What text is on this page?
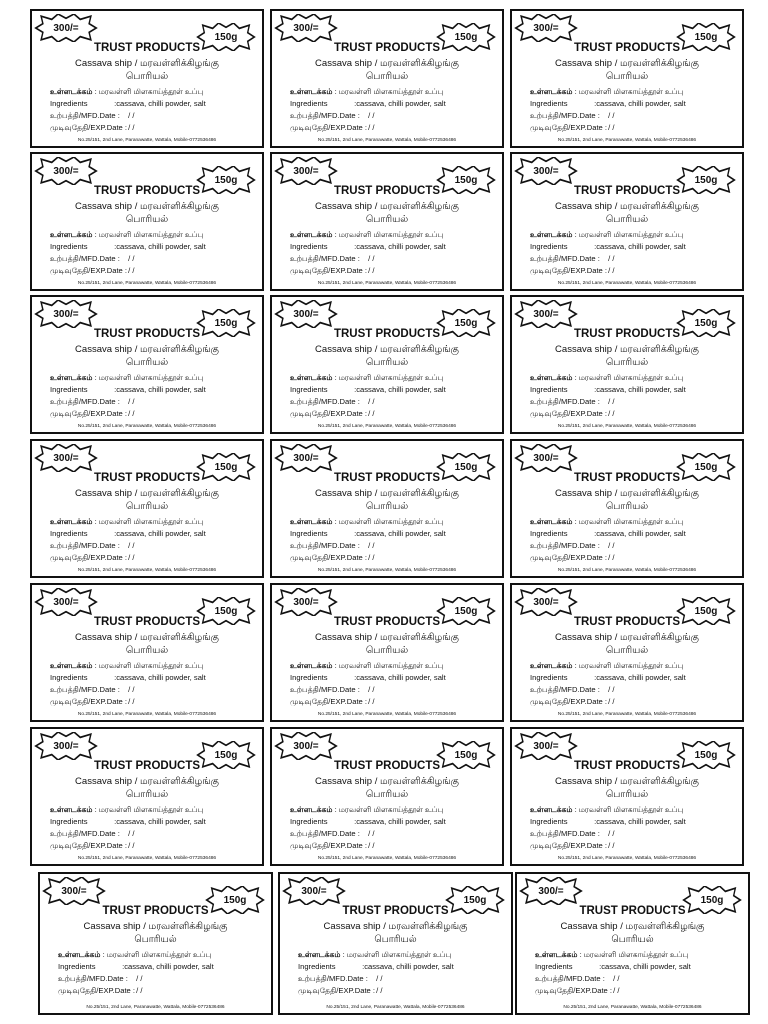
300/=
150g
TRUST PRODUCTS
Cassava ship / மரவள்ளிக்கிழங்கு
பொரியல்
உள்ளடக்கம் : மரவள்ளி மிளகாய்த்தூள் உப்பு
Ingredients	:cassava, chilli powder, salt
உற்பத்தி/MFD.Date : / /
முடிவுதேதி/EXP.Date : / /
No.25/151, 2nd Lane, Paranawatte, Wattala, Mobile-0772536486
300/=
150g
TRUST PRODUCTS
Cassava ship / மரவள்ளிக்கிழங்கு
பொரியல்
உள்ளடக்கம் : மரவள்ளி மிளகாய்த்தூள் உப்பு
Ingredients	:cassava, chilli powder, salt
உற்பத்தி/MFD.Date : / /
முடிவுதேதி/EXP.Date : / /
No.25/151, 2nd Lane, Paranawatte, Wattala, Mobile-0772536486
300/=
150g
TRUST PRODUCTS
Cassava ship / மரவள்ளிக்கிழங்கு
பொரியல்
உள்ளடக்கம் : மரவள்ளி மிளகாய்த்தூள் உப்பு
Ingredients	:cassava, chilli powder, salt
உற்பத்தி/MFD.Date : / /
முடிவுதேதி/EXP.Date : / /
No.25/151, 2nd Lane, Paranawatte, Wattala, Mobile-0772536486
300/=
150g
TRUST PRODUCTS
Cassava ship / மரவள்ளிக்கிழங்கு
பொரியல்
உள்ளடக்கம் : மரவள்ளி மிளகாய்த்தூள் உப்பு
Ingredients	:cassava, chilli powder, salt
உற்பத்தி/MFD.Date : / /
முடிவுதேதி/EXP.Date : / /
No.25/151, 2nd Lane, Paranawatte, Wattala, Mobile-0772536486
300/=
150g
TRUST PRODUCTS
Cassava ship / மரவள்ளிக்கிழங்கு
பொரியல்
உள்ளடக்கம் : மரவள்ளி மிளகாய்த்தூள் உப்பு
Ingredients	:cassava, chilli powder, salt
உற்பத்தி/MFD.Date : / /
முடிவுதேதி/EXP.Date : / /
No.25/151, 2nd Lane, Paranawatte, Wattala, Mobile-0772536486
300/=
150g
TRUST PRODUCTS
Cassava ship / மரவள்ளிக்கிழங்கு
பொரியல்
உள்ளடக்கம் : மரவள்ளி மிளகாய்த்தூள் உப்பு
Ingredients	:cassava, chilli powder, salt
உற்பத்தி/MFD.Date : / /
முடிவுதேதி/EXP.Date : / /
No.25/151, 2nd Lane, Paranawatte, Wattala, Mobile-0772536486
300/=
150g
TRUST PRODUCTS
Cassava ship / மரவள்ளிக்கிழங்கு
பொரியல்
உள்ளடக்கம் : மரவள்ளி மிளகாய்த்தூள் உப்பு
Ingredients	:cassava, chilli powder, salt
உற்பத்தி/MFD.Date : / /
முடிவுதேதி/EXP.Date : / /
No.25/151, 2nd Lane, Paranawatte, Wattala, Mobile-0772536486
300/=
150g
TRUST PRODUCTS
Cassava ship / மரவள்ளிக்கிழங்கு
பொரியல்
உள்ளடக்கம் : மரவள்ளி மிளகாய்த்தூள் உப்பு
Ingredients	:cassava, chilli powder, salt
உற்பத்தி/MFD.Date : / /
முடிவுதேதி/EXP.Date : / /
No.25/151, 2nd Lane, Paranawatte, Wattala, Mobile-0772536486
300/=
150g
TRUST PRODUCTS
Cassava ship / மரவள்ளிக்கிழங்கு
பொரியல்
உள்ளடக்கம் : மரவள்ளி மிளகாய்த்தூள் உப்பு
Ingredients	:cassava, chilli powder, salt
உற்பத்தி/MFD.Date : / /
முடிவுதேதி/EXP.Date : / /
No.25/151, 2nd Lane, Paranawatte, Wattala, Mobile-0772536486
300/=
150g
TRUST PRODUCTS
Cassava ship / மரவள்ளிக்கிழங்கு
பொரியல்
உள்ளடக்கம் : மரவள்ளி மிளகாய்த்தூள் உப்பு
Ingredients	:cassava, chilli powder, salt
உற்பத்தி/MFD.Date : / /
முடிவுதேதி/EXP.Date : / /
No.25/151, 2nd Lane, Paranawatte, Wattala, Mobile-0772536486
300/=
150g
TRUST PRODUCTS
Cassava ship / மரவள்ளிக்கிழங்கு
பொரியல்
உள்ளடக்கம் : மரவள்ளி மிளகாய்த்தூள் உப்பு
Ingredients	:cassava, chilli powder, salt
உற்பத்தி/MFD.Date : / /
முடிவுதேதி/EXP.Date : / /
No.25/151, 2nd Lane, Paranawatte, Wattala, Mobile-0772536486
300/=
150g
TRUST PRODUCTS
Cassava ship / மரவள்ளிக்கிழங்கு
பொரியல்
உள்ளடக்கம் : மரவள்ளி மிளகாய்த்தூள் உப்பு
Ingredients	:cassava, chilli powder, salt
உற்பத்தி/MFD.Date : / /
முடிவுதேதி/EXP.Date : / /
No.25/151, 2nd Lane, Paranawatte, Wattala, Mobile-0772536486
300/=
150g
TRUST PRODUCTS
Cassava ship / மரவள்ளிக்கிழங்கு
பொரியல்
உள்ளடக்கம் : மரவள்ளி மிளகாய்த்தூள் உப்பு
Ingredients	:cassava, chilli powder, salt
உற்பத்தி/MFD.Date : / /
முடிவுதேதி/EXP.Date : / /
No.25/151, 2nd Lane, Paranawatte, Wattala, Mobile-0772536486
300/=
150g
TRUST PRODUCTS
Cassava ship / மரவள்ளிக்கிழங்கு
பொரியல்
உள்ளடக்கம் : மரவள்ளி மிளகாய்த்தூள் உப்பு
Ingredients	:cassava, chilli powder, salt
உற்பத்தி/MFD.Date : / /
முடிவுதேதி/EXP.Date : / /
No.25/151, 2nd Lane, Paranawatte, Wattala, Mobile-0772536486
300/=
150g
TRUST PRODUCTS
Cassava ship / மரவள்ளிக்கிழங்கு
பொரியல்
உள்ளடக்கம் : மரவள்ளி மிளகாய்த்தூள் உப்பு
Ingredients	:cassava, chilli powder, salt
உற்பத்தி/MFD.Date : / /
முடிவுதேதி/EXP.Date : / /
No.25/151, 2nd Lane, Paranawatte, Wattala, Mobile-0772536486
300/=
150g
TRUST PRODUCTS
Cassava ship / மரவள்ளிக்கிழங்கு
பொரியல்
உள்ளடக்கம் : மரவள்ளி மிளகாய்த்தூள் உப்பு
Ingredients	:cassava, chilli powder, salt
உற்பத்தி/MFD.Date : / /
முடிவுதேதி/EXP.Date : / /
No.25/151, 2nd Lane, Paranawatte, Wattala, Mobile-0772536486
300/=
150g
TRUST PRODUCTS
Cassava ship / மரவள்ளிக்கிழங்கு
பொரியல்
உள்ளடக்கம் : மரவள்ளி மிளகாய்த்தூள் உப்பு
Ingredients	:cassava, chilli powder, salt
உற்பத்தி/MFD.Date : / /
முடிவுதேதி/EXP.Date : / /
No.25/151, 2nd Lane, Paranawatte, Wattala, Mobile-0772536486
300/=
150g
TRUST PRODUCTS
Cassava ship / மரவள்ளிக்கிழங்கு
பொரியல்
உள்ளடக்கம் : மரவள்ளி மிளகாய்த்தூள் உப்பு
Ingredients	:cassava, chilli powder, salt
உற்பத்தி/MFD.Date : / /
முடிவுதேதி/EXP.Date : / /
No.25/151, 2nd Lane, Paranawatte, Wattala, Mobile-0772536486
300/=
150g
TRUST PRODUCTS
Cassava ship / மரவள்ளிக்கிழங்கு
பொரியல்
உள்ளடக்கம் : மரவள்ளி மிளகாய்த்தூள் உப்பு
Ingredients	:cassava, chilli powder, salt
உற்பத்தி/MFD.Date : / /
முடிவுதேதி/EXP.Date : / /
No.25/151, 2nd Lane, Paranawatte, Wattala, Mobile-0772536486
300/=
150g
TRUST PRODUCTS
Cassava ship / மரவள்ளிக்கிழங்கு
பொரியல்
உள்ளடக்கம் : மரவள்ளி மிளகாய்த்தூள் உப்பு
Ingredients	:cassava, chilli powder, salt
உற்பத்தி/MFD.Date : / /
முடிவுதேதி/EXP.Date : / /
No.25/151, 2nd Lane, Paranawatte, Wattala, Mobile-0772536486
300/=
150g
TRUST PRODUCTS
Cassava ship / மரவள்ளிக்கிழங்கு
பொரியல்
உள்ளடக்கம் : மரவள்ளி மிளகாய்த்தூள் உப்பு
Ingredients	:cassava, chilli powder, salt
உற்பத்தி/MFD.Date : / /
முடிவுதேதி/EXP.Date : / /
No.25/151, 2nd Lane, Paranawatte, Wattala, Mobile-0772536486
